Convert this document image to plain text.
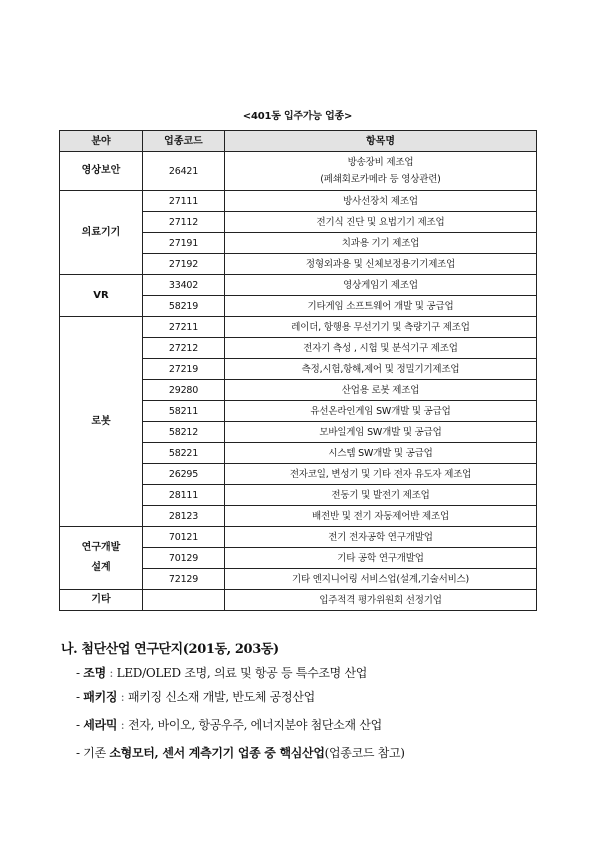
<401동 입주가능 업종>
분야	업종코드	항목명

영상보안	26421	방송장비 제조업
(페쇄회로카메라 등 영상관련)

의료기기	27111	방사선장치 제조업

	27112	전기식 진단 및 요법기기 제조업

	27191	치과용 기기 제조업

	27192	정형외과용 및 신체보정용기기제조업

VR	33402	영상게임기 제조업

	58219	기타게임 소프트웨어 개발 및 공급업

로봇	27211	레이더, 항행용 무선기기 및 측량기구 제조업

	27212	전자기 측성 , 시험 및 분석기구 제조업

	27219	측정,시험,항해,제어 및 정밀기기제조업

	29280	산업용 로봇 제조업

	58211	유선온라인게임 SW개발 및 공급업

	58212	모바일게임 SW개발 및 공급업

	58221	시스템 SW개발 및 공급업

	26295	전자코일, 변성기 및 기타 전자 유도자 제조업

	28111	전동기 및 발전기 제조업

	28123	배전반 및 전기 자동제어반 제조업

연구개발
설계	70121	전기 전자공학 연구개발업

	70129	기타 공학 연구개발업

	72129	기타 엔지니어링 서비스업(설계,기술서비스)

기타		입주적격 평가위원회 선정기업
나. 첨단산업 연구단지(201동, 203동)
- 조명 : LED/OLED 조명, 의료 및 항공 등 특수조명 산업
- 패키징 : 패키징 신소재 개발, 반도체 공정산업
- 세라믹 : 전자, 바이오, 항공우주, 에너지분야 첨단소재 산업
- 기존 소형모터, 센서 계측기기 업종 중 핵심산업(업종코드 참고)
